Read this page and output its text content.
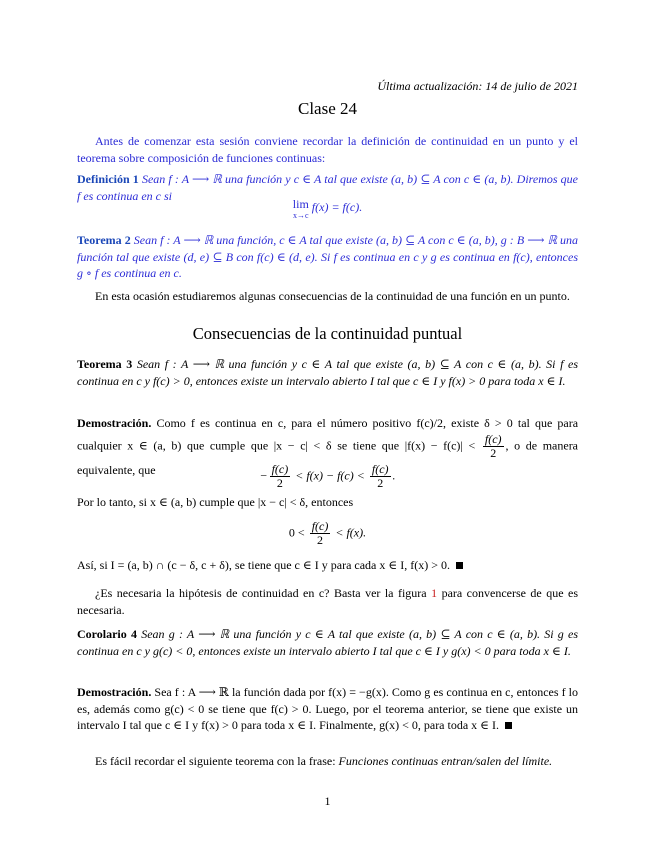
Última actualización: 14 de julio de 2021
Clase 24
Antes de comenzar esta sesión conviene recordar la definición de continuidad en un punto y el teorema sobre composición de funciones continuas:
Definición 1 Sean f : A ⟶ ℝ una función y c ∈ A tal que existe (a, b) ⊆ A con c ∈ (a, b). Diremos que f es continua en c si
lim
x→c
f(x) = f(c).
Teorema 2 Sean f : A ⟶ ℝ una función, c ∈ A tal que existe (a, b) ⊆ A con c ∈ (a, b), g : B ⟶ ℝ una función tal que existe (d, e) ⊆ B con f(c) ∈ (d, e). Si f es continua en c y g es continua en f(c), entonces g ∘ f es continua en c.
En esta ocasión estudiaremos algunas consecuencias de la continuidad de una función en un punto.
Consecuencias de la continuidad puntual
Teorema 3 Sean f : A ⟶ ℝ una función y c ∈ A tal que existe (a, b) ⊆ A con c ∈ (a, b). Si f es continua en c y f(c) > 0, entonces existe un intervalo abierto I tal que c ∈ I y f(x) > 0 para toda x ∈ I.
Demostración. Como f es continua en c, para el número positivo f(c)/2, existe δ > 0 tal que para cualquier x ∈ (a, b) que cumple que |x − c| < δ se tiene que $|f(x) - f(c)| < \frac{f(c)}{2}$ , o de manera equivalente, que	− $\frac{f(c)}{2} < f(x) - f(c) < \frac{f(c)}{2}$ .
Por lo tanto, si x ∈ (a, b) cumple que |x − c| < δ, entonces
$0 < \frac{f(c)}{2} < f(x)$.
Así, si I = (a, b) ∩ (c − δ, c + δ), se tiene que c ∈ I y para cada x ∈ I, f(x) > 0.
¿Es necesaria la hipótesis de continuidad en c? Basta ver la figura 1 para convencerse de que es necesaria.
Corolario 4 Sean g : A ⟶ ℝ una función y c ∈ A tal que existe (a, b) ⊆ A con c ∈ (a, b). Si g es continua en c y g(c) < 0, entonces existe un intervalo abierto I tal que c ∈ I y g(x) < 0 para toda x ∈ I.
Demostración. Sea f : A ⟶ ℝ la función dada por f(x) = −g(x). Como g es continua en c, entonces f lo es, además como g(c) < 0 se tiene que f(c) > 0. Luego, por el teorema anterior, se tiene que existe un intervalo I tal que c ∈ I y f(x) > 0 para toda x ∈ I. Finalmente, g(x) < 0, para toda x ∈ I.
Es fácil recordar el siguiente teorema con la frase: Funciones continuas entran/salen del límite.
1
